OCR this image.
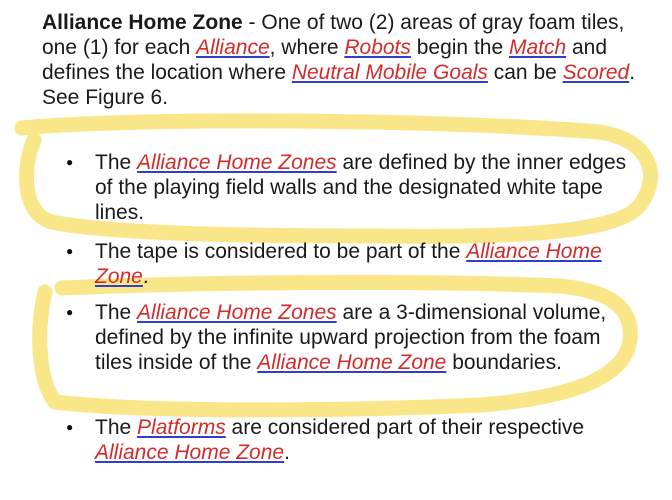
Alliance Home Zone - One of two (2) areas of gray foam tiles, one (1) for each Alliance, where Robots begin the Match and defines the location where Neutral Mobile Goals can be Scored. See Figure 6.

● The Alliance Home Zones are defined by the inner edges of the playing field walls and the designated white tape lines.
● The tape is considered to be part of the Alliance Home Zone.
● The Alliance Home Zones are a 3-dimensional volume, defined by the infinite upward projection from the foam tiles inside of the Alliance Home Zone boundaries.
● The Platforms are considered part of their respective Alliance Home Zone.
